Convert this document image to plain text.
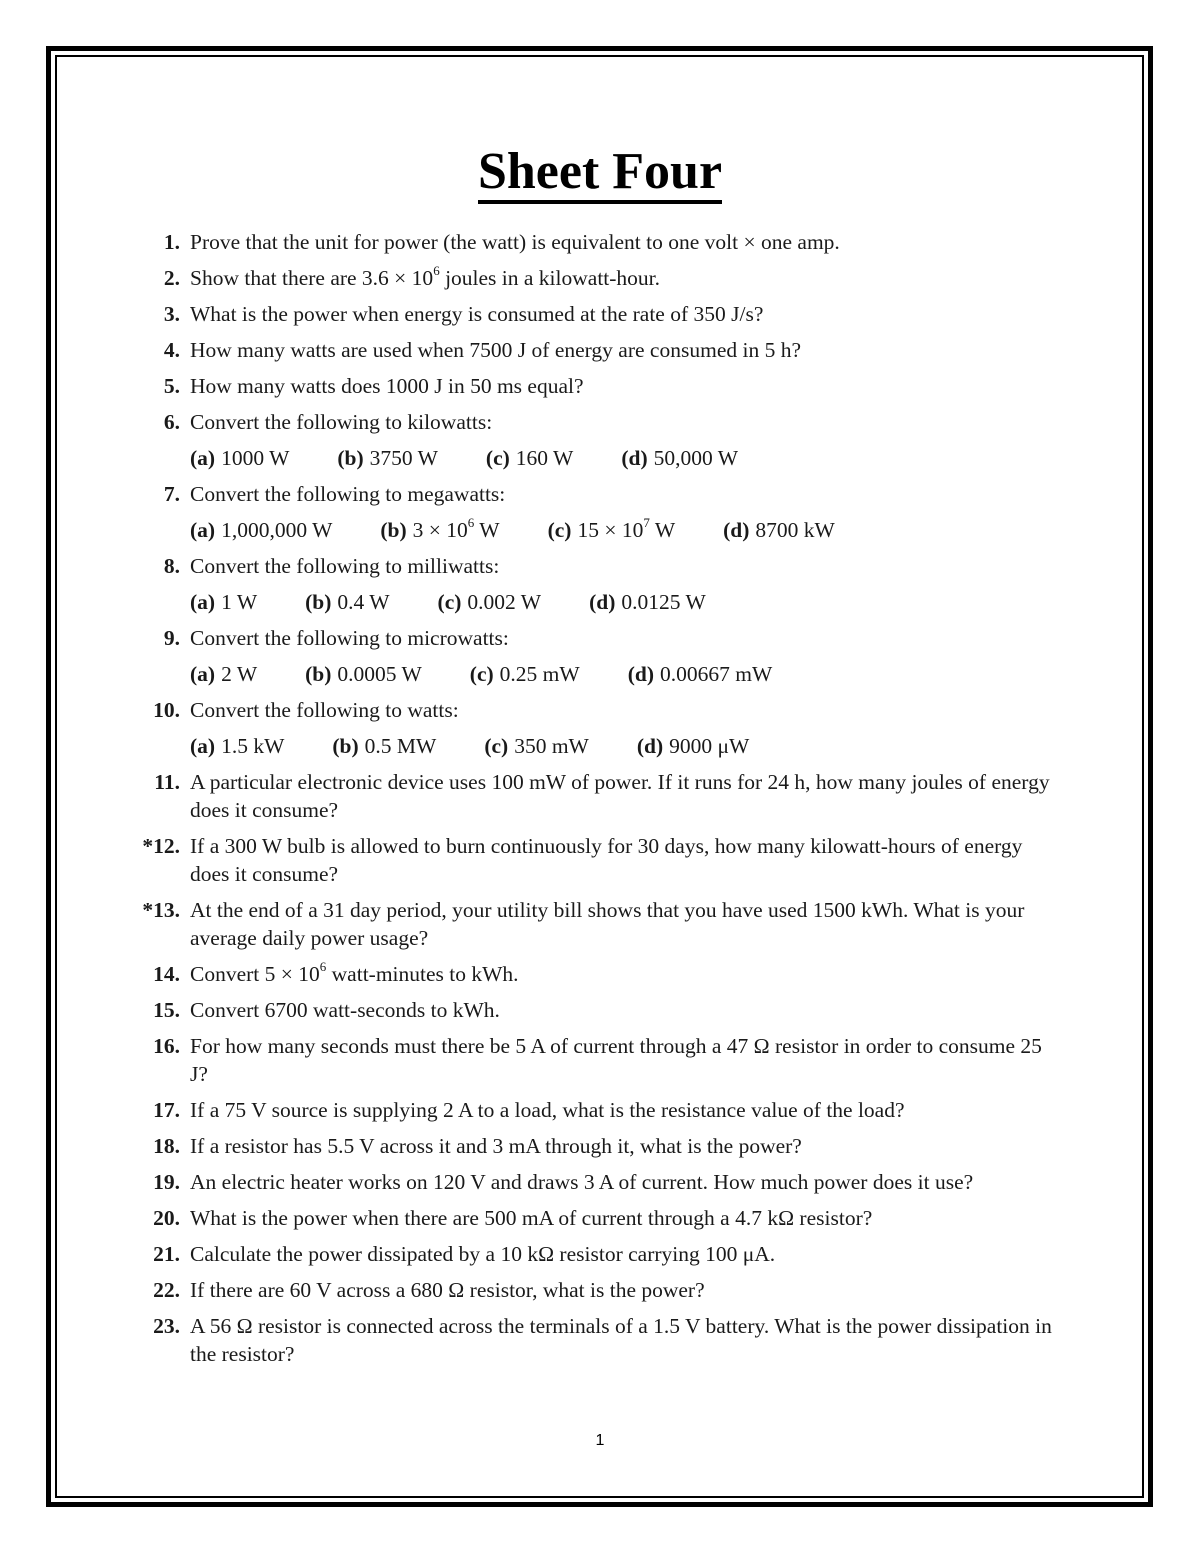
Sheet Four
1. Prove that the unit for power (the watt) is equivalent to one volt × one amp.
2. Show that there are $3.6 \times 10^6$ joules in a kilowatt-hour.
3. What is the power when energy is consumed at the rate of 350 J/s?
4. How many watts are used when 7500 J of energy are consumed in 5 h?
5. How many watts does 1000 J in 50 ms equal?
6. Convert the following to kilowatts:
(a) 1000 W (b) 3750 W (c) 160 W (d) 50,000 W
7. Convert the following to megawatts:
(a) 1,000,000 W (b) $3 \times 10^6$ W (c) $15 \times 10^7$ W (d) 8700 kW
8. Convert the following to milliwatts:
(a) 1 W (b) 0.4 W (c) 0.002 W (d) 0.0125 W
9. Convert the following to microwatts:
(a) 2 W (b) 0.0005 W (c) 0.25 mW (d) 0.00667 mW
10. Convert the following to watts:
(a) 1.5 kW (b) 0.5 MW (c) 350 mW (d) 9000 μW
11. A particular electronic device uses 100 mW of power. If it runs for 24 h, how many joules of energy does it consume?
*12. If a 300 W bulb is allowed to burn continuously for 30 days, how many kilowatt-hours of energy does it consume?
*13. At the end of a 31 day period, your utility bill shows that you have used 1500 kWh. What is your average daily power usage?
14. Convert $5 \times 10^6$ watt-minutes to kWh.
15. Convert 6700 watt-seconds to kWh.
16. For how many seconds must there be 5 A of current through a 47 Ω resistor in order to consume 25 J?
17. If a 75 V source is supplying 2 A to a load, what is the resistance value of the load?
18. If a resistor has 5.5 V across it and 3 mA through it, what is the power?
19. An electric heater works on 120 V and draws 3 A of current. How much power does it use?
20. What is the power when there are 500 mA of current through a 4.7 kΩ resistor?
21. Calculate the power dissipated by a 10 kΩ resistor carrying 100 μA.
22. If there are 60 V across a 680 Ω resistor, what is the power?
23. A 56 Ω resistor is connected across the terminals of a 1.5 V battery. What is the power dissipation in the resistor?
1
